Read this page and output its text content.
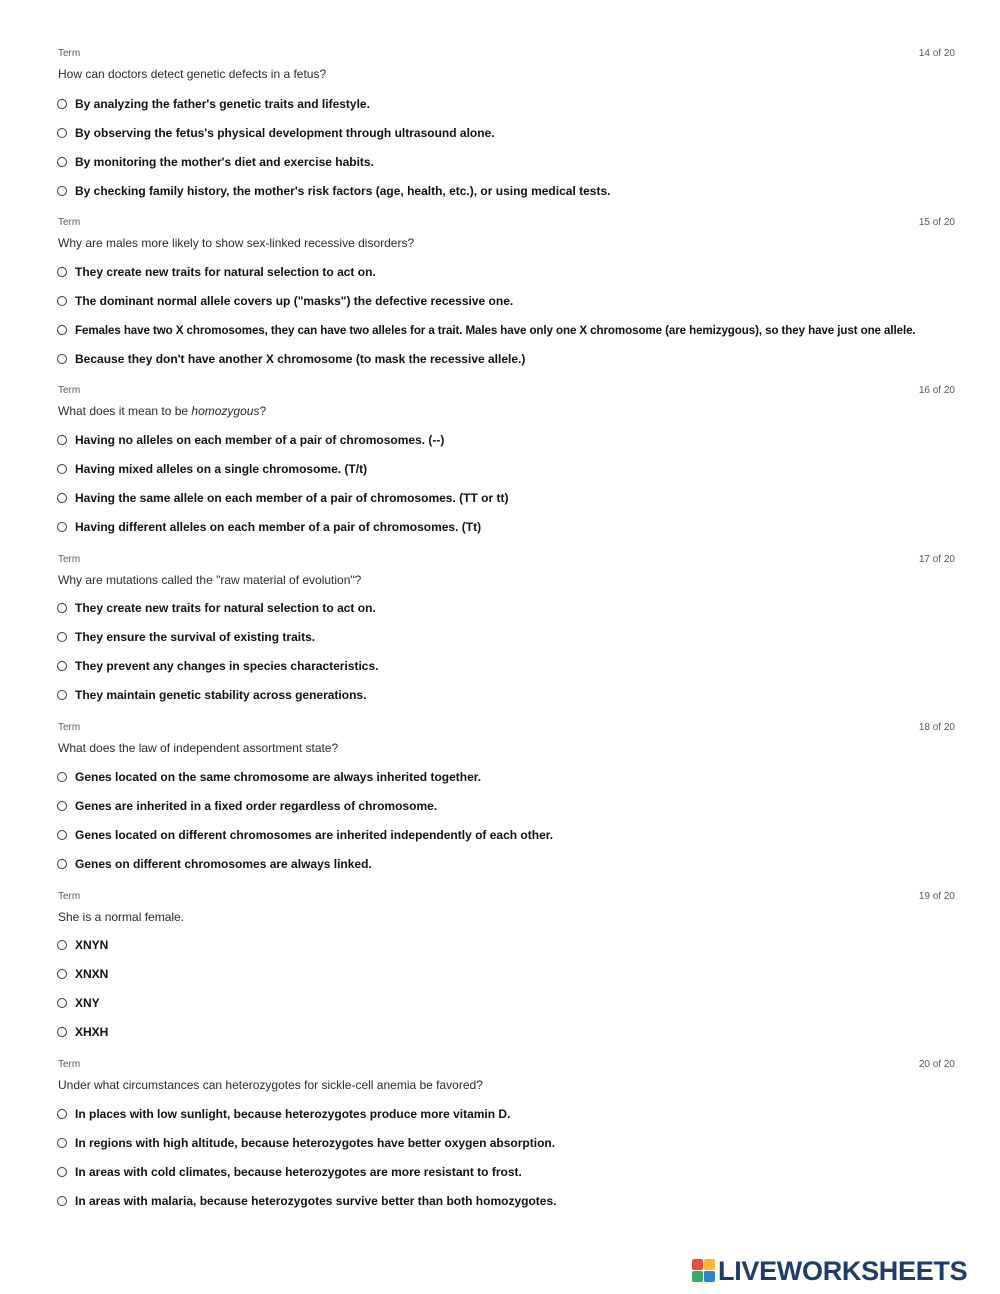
Term	14 of 20
How can doctors detect genetic defects in a fetus?
By analyzing the father's genetic traits and lifestyle.
By observing the fetus's physical development through ultrasound alone.
By monitoring the mother's diet and exercise habits.
By checking family history, the mother's risk factors (age, health, etc.), or using medical tests.
Term	15 of 20
Why are males more likely to show sex-linked recessive disorders?
They create new traits for natural selection to act on.
The dominant normal allele covers up ("masks") the defective recessive one.
Females have two X chromosomes, they can have two alleles for a trait. Males have only one X chromosome (are hemizygous), so they have just one allele.
Because they don't have another X chromosome (to mask the recessive allele.)
Term	16 of 20
What does it mean to be homozygous?
Having no alleles on each member of a pair of chromosomes. (--)
Having mixed alleles on a single chromosome. (T/t)
Having the same allele on each member of a pair of chromosomes. (TT or tt)
Having different alleles on each member of a pair of chromosomes. (Tt)
Term	17 of 20
Why are mutations called the "raw material of evolution"?
They create new traits for natural selection to act on.
They ensure the survival of existing traits.
They prevent any changes in species characteristics.
They maintain genetic stability across generations.
Term	18 of 20
What does the law of independent assortment state?
Genes located on the same chromosome are always inherited together.
Genes are inherited in a fixed order regardless of chromosome.
Genes located on different chromosomes are inherited independently of each other.
Genes on different chromosomes are always linked.
Term	19 of 20
She is a normal female.
XNYN
XNXN
XNY
XHXH
Term	20 of 20
Under what circumstances can heterozygotes for sickle-cell anemia be favored?
In places with low sunlight, because heterozygotes produce more vitamin D.
In regions with high altitude, because heterozygotes have better oxygen absorption.
In areas with cold climates, because heterozygotes are more resistant to frost.
In areas with malaria, because heterozygotes survive better than both homozygotes.
LIVEWORKSHEETS
